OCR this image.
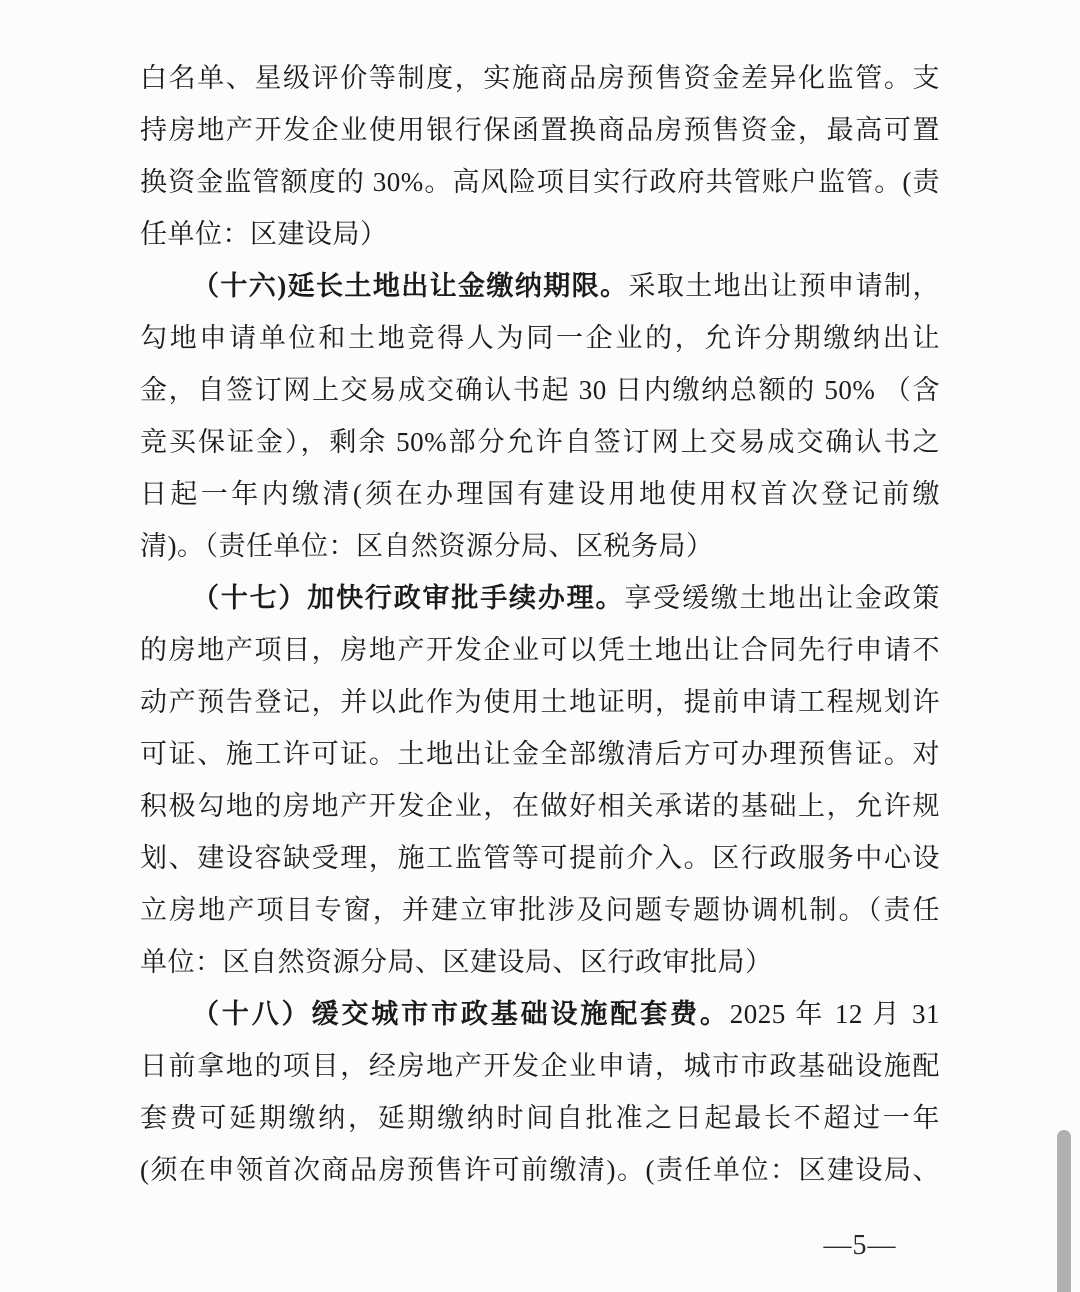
白名单、星级评价等制度，实施商品房预售资金差异化监管。支
持房地产开发企业使用银行保函置换商品房预售资金，最高可置
换资金监管额度的 30%。高风险项目实行政府共管账户监管。(责
任单位：区建设局）
（十六)延长土地出让金缴纳期限。采取土地出让预申请制，
勾地申请单位和土地竞得人为同一企业的，允许分期缴纳出让
金，自签订网上交易成交确认书起 30 日内缴纳总额的 50% （含
竞买保证金），剩余 50%部分允许自签订网上交易成交确认书之
日起一年内缴清(须在办理国有建设用地使用权首次登记前缴
清)。（责任单位：区自然资源分局、区税务局）
（十七）加快行政审批手续办理。享受缓缴土地出让金政策
的房地产项目，房地产开发企业可以凭土地出让合同先行申请不
动产预告登记，并以此作为使用土地证明，提前申请工程规划许
可证、施工许可证。土地出让金全部缴清后方可办理预售证。对
积极勾地的房地产开发企业，在做好相关承诺的基础上，允许规
划、建设容缺受理，施工监管等可提前介入。区行政服务中心设
立房地产项目专窗，并建立审批涉及问题专题协调机制。（责任
单位：区自然资源分局、区建设局、区行政审批局）
（十八）缓交城市市政基础设施配套费。2025 年 12 月 31
日前拿地的项目，经房地产开发企业申请，城市市政基础设施配
套费可延期缴纳，延期缴纳时间自批准之日起最长不超过一年
(须在申领首次商品房预售许可前缴清)。(责任单位：区建设局、
—5—
